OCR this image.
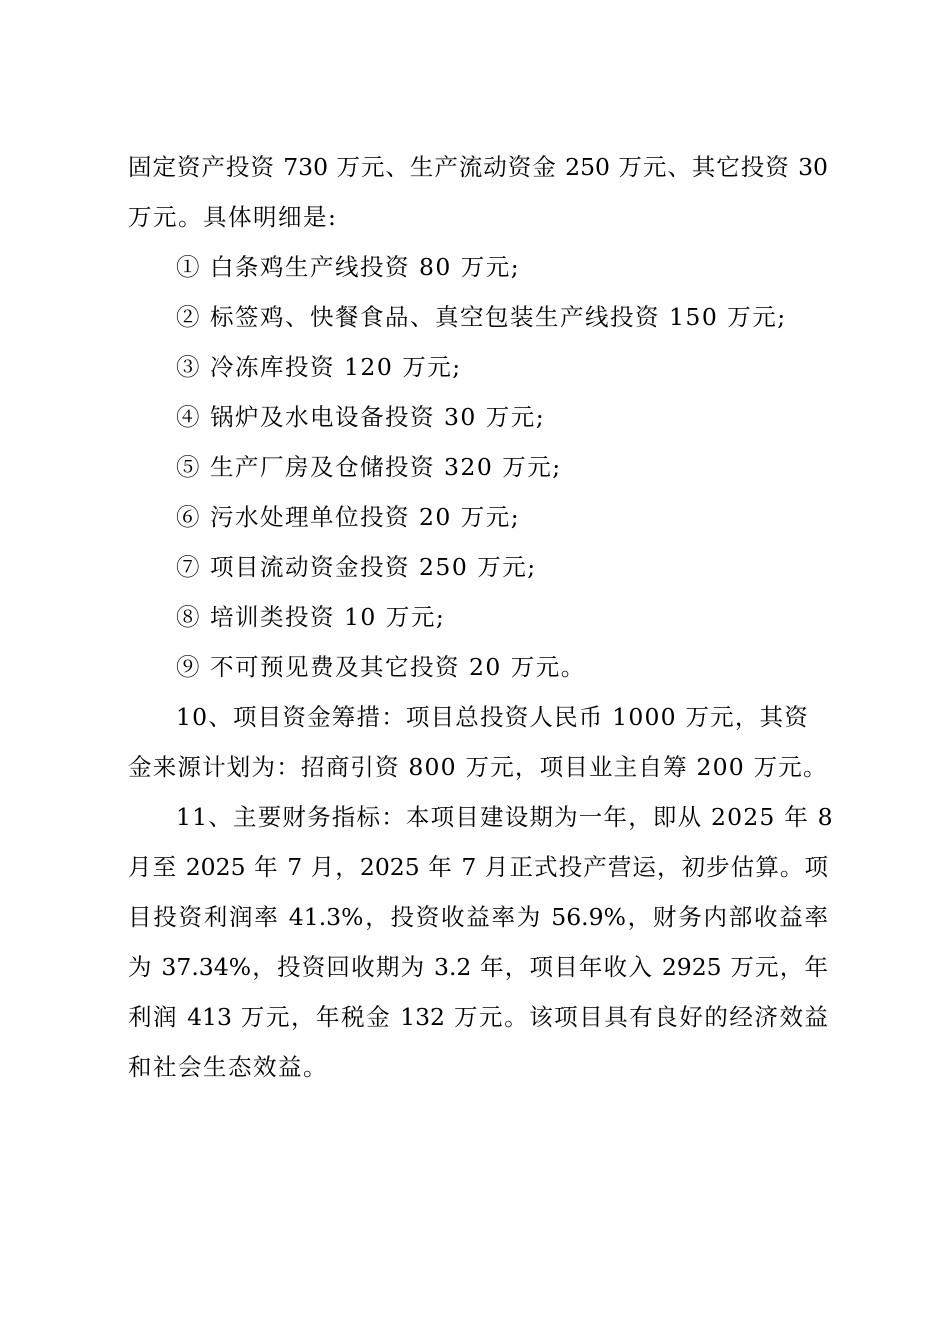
固定资产投资 730 万元、生产流动资金 250 万元、其它投资 30
万元。具体明细是:
① 白条鸡生产线投资 80 万元;
② 标签鸡、快餐食品、真空包装生产线投资 150 万元;
③ 冷冻库投资 120 万元;
④ 锅炉及水电设备投资 30 万元;
⑤ 生产厂房及仓储投资 320 万元;
⑥ 污水处理单位投资 20 万元;
⑦ 项目流动资金投资 250 万元;
⑧ 培训类投资 10 万元;
⑨ 不可预见费及其它投资 20 万元。
10、项目资金筹措：项目总投资人民币 1000 万元，其资
金来源计划为：招商引资 800 万元，项目业主自筹 200 万元。
11、主要财务指标：本项目建设期为一年，即从 2025 年 8
月至 2025 年 7 月，2025 年 7 月正式投产营运，初步估算。项
目投资利润率 41.3%，投资收益率为 56.9%，财务内部收益率
为 37.34%，投资回收期为 3.2 年，项目年收入 2925 万元，年
利润 413 万元，年税金 132 万元。该项目具有良好的经济效益
和社会生态效益。
